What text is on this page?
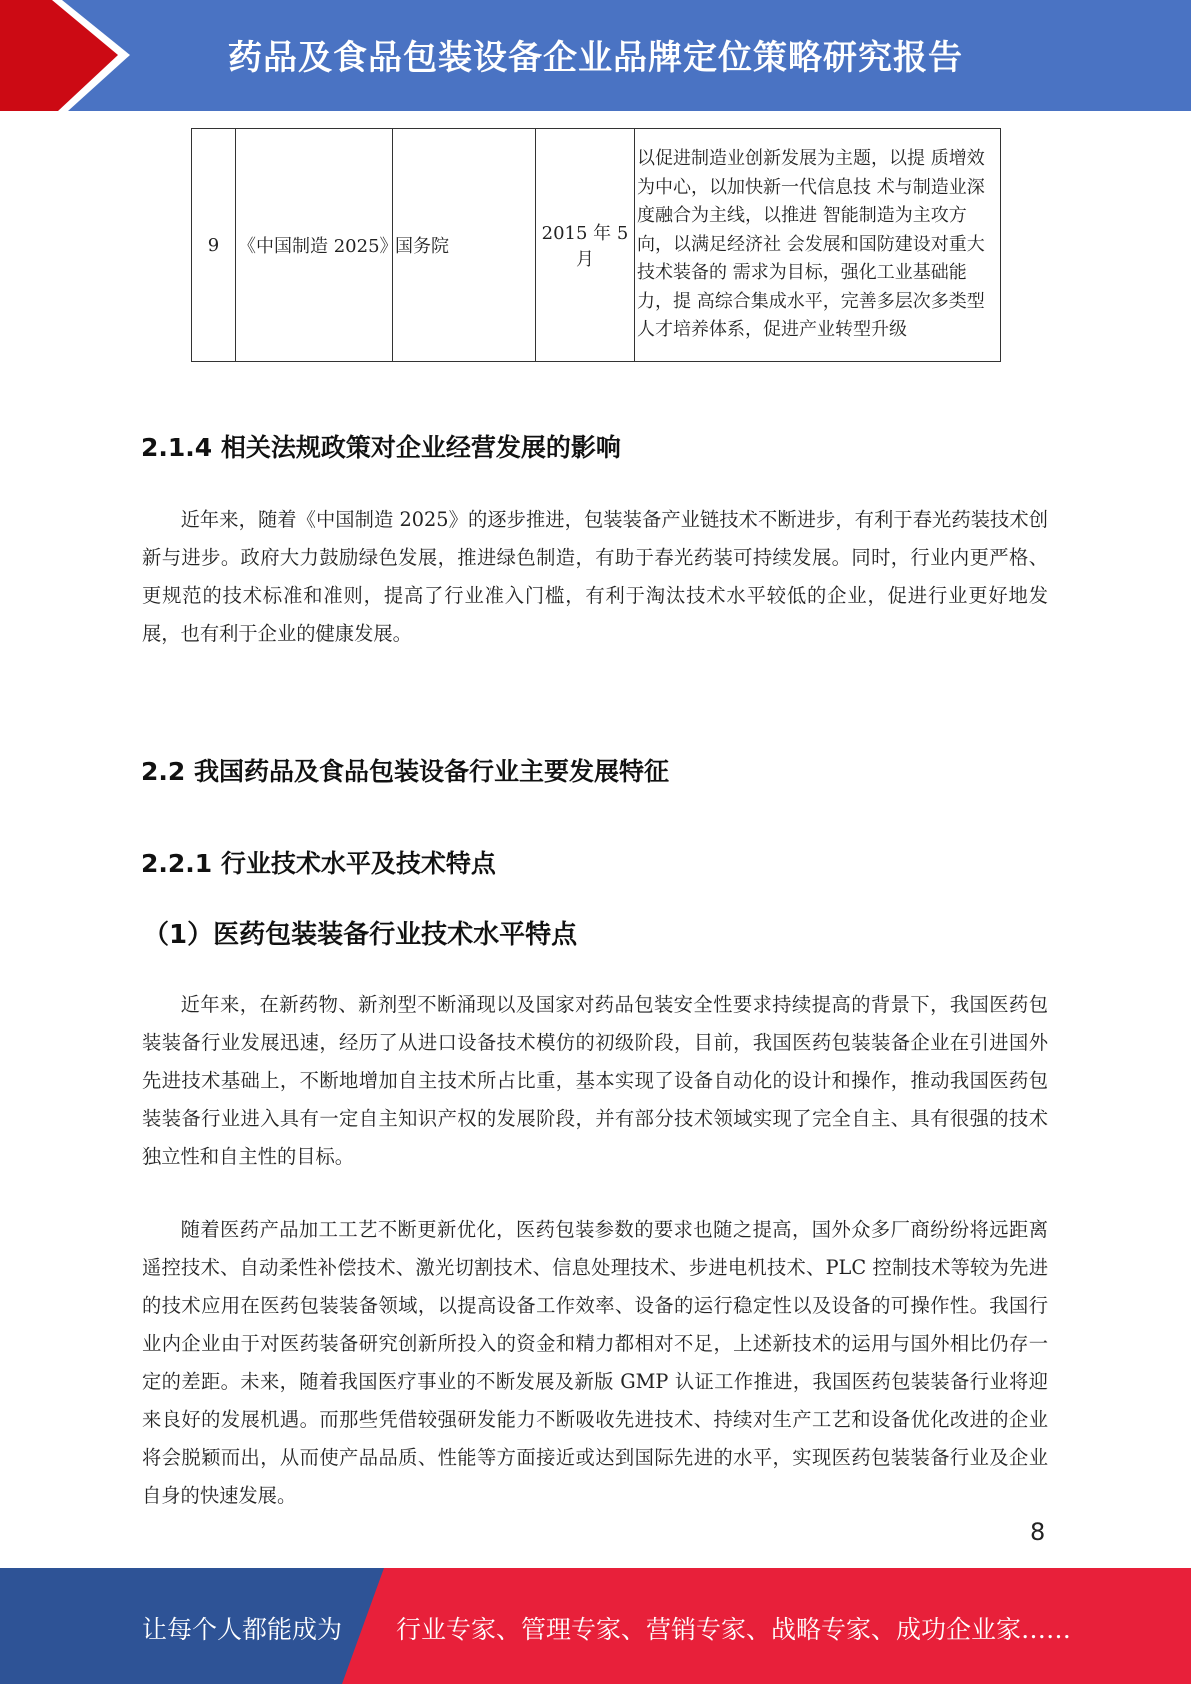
药品及食品包装设备企业品牌定位策略研究报告
9	《中国制造 2025》	国务院	2015 年 5 月	以促进制造业创新发展为主题，以提 质增效为中心，以加快新一代信息技 术与制造业深度融合为主线，以推进 智能制造为主攻方向，以满足经济社 会发展和国防建设对重大技术装备的 需求为目标，强化工业基础能力，提 高综合集成水平，完善多层次多类型 人才培养体系，促进产业转型升级
2.1.4 相关法规政策对企业经营发展的影响
近年来，随着《中国制造 2025》的逐步推进，包装装备产业链技术不断进步，有利于春光药装技术创新与进步。政府大力鼓励绿色发展，推进绿色制造，有助于春光药装可持续发展。同时，行业内更严格、更规范的技术标准和准则，提高了行业准入门槛，有利于淘汰技术水平较低的企业，促进行业更好地发展，也有利于企业的健康发展。
2.2 我国药品及食品包装设备行业主要发展特征
2.2.1 行业技术水平及技术特点
（1）医药包装装备行业技术水平特点
近年来，在新药物、新剂型不断涌现以及国家对药品包装安全性要求持续提高的背景下，我国医药包装装备行业发展迅速，经历了从进口设备技术模仿的初级阶段，目前，我国医药包装装备企业在引进国外先进技术基础上，不断地增加自主技术所占比重，基本实现了设备自动化的设计和操作，推动我国医药包装装备行业进入具有一定自主知识产权的发展阶段，并有部分技术领域实现了完全自主、具有很强的技术独立性和自主性的目标。
随着医药产品加工工艺不断更新优化，医药包装参数的要求也随之提高，国外众多厂商纷纷将远距离遥控技术、自动柔性补偿技术、激光切割技术、信息处理技术、步进电机技术、PLC 控制技术等较为先进的技术应用在医药包装装备领域，以提高设备工作效率、设备的运行稳定性以及设备的可操作性。我国行业内企业由于对医药装备研究创新所投入的资金和精力都相对不足，上述新技术的运用与国外相比仍存一定的差距。未来，随着我国医疗事业的不断发展及新版 GMP 认证工作推进，我国医药包装装备行业将迎来良好的发展机遇。而那些凭借较强研发能力不断吸收先进技术、持续对生产工艺和设备优化改进的企业将会脱颖而出，从而使产品品质、性能等方面接近或达到国际先进的水平，实现医药包装装备行业及企业自身的快速发展。
8
让每个人都能成为 行业专家、管理专家、营销专家、战略专家、成功企业家……
